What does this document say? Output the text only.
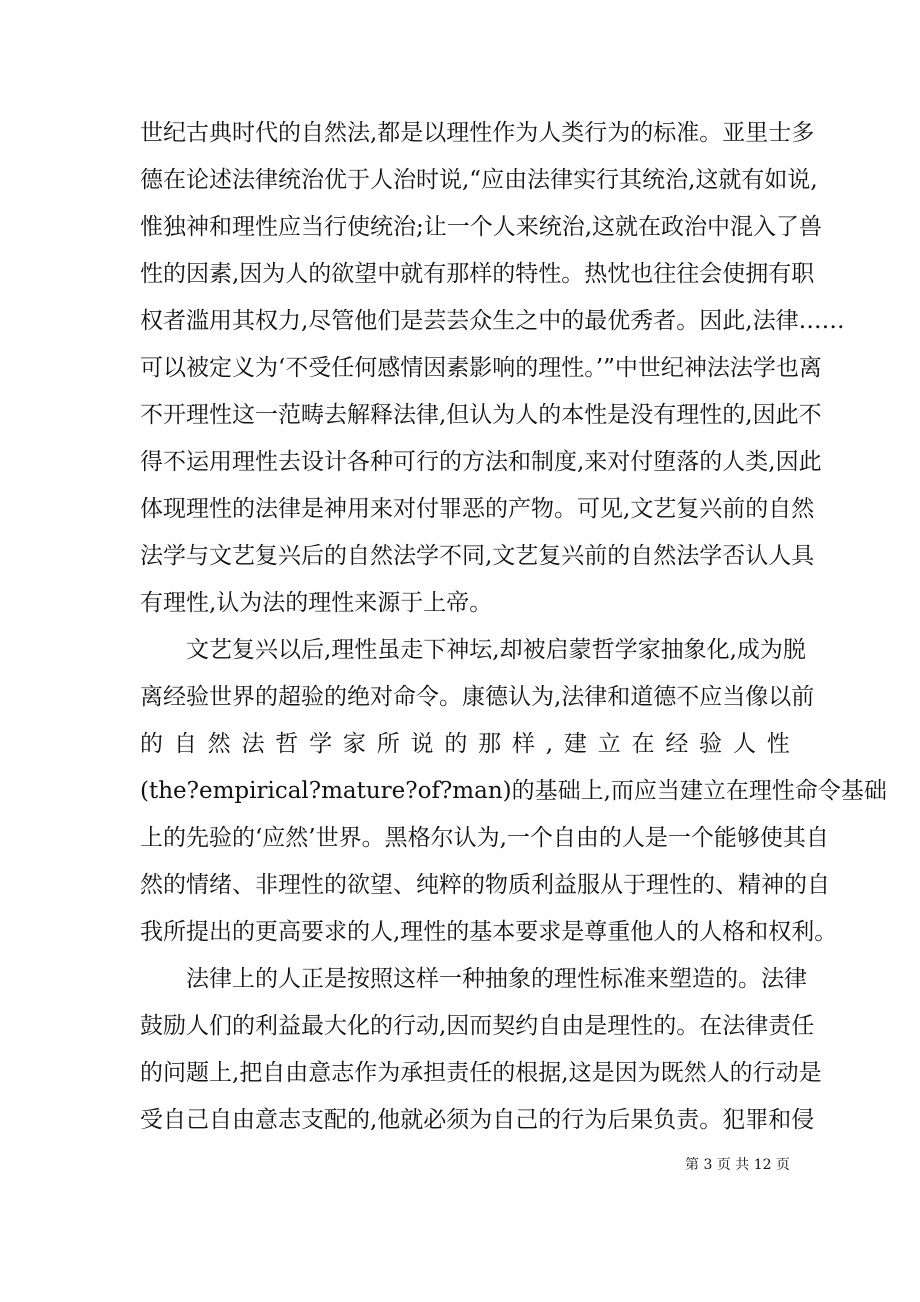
世纪古典时代的自然法,都是以理性作为人类行为的标准。亚里士多
德在论述法律统治优于人治时说,“应由法律实行其统治,这就有如说,
惟独神和理性应当行使统治;让一个人来统治,这就在政治中混入了兽
性的因素,因为人的欲望中就有那样的特性。热忱也往往会使拥有职
权者滥用其权力,尽管他们是芸芸众生之中的最优秀者。因此,法律……
可以被定义为‘不受任何感情因素影响的理性。’”中世纪神法法学也离
不开理性这一范畴去解释法律,但认为人的本性是没有理性的,因此不
得不运用理性去设计各种可行的方法和制度,来对付堕落的人类,因此
体现理性的法律是神用来对付罪恶的产物。可见,文艺复兴前的自然
法学与文艺复兴后的自然法学不同,文艺复兴前的自然法学否认人具
有理性,认为法的理性来源于上帝。
文艺复兴以后,理性虽走下神坛,却被启蒙哲学家抽象化,成为脱
离经验世界的超验的绝对命令。康德认为,法律和道德不应当像以前
的 自 然 法 哲 学 家 所 说 的 那 样 , 建 立 在 经 验 人 性
(the?empirical?mature?of?man)的基础上,而应当建立在理性命令基础
上的先验的‘应然’世界。黑格尔认为,一个自由的人是一个能够使其自
然的情绪、非理性的欲望、纯粹的物质利益服从于理性的、精神的自
我所提出的更高要求的人,理性的基本要求是尊重他人的人格和权利。
法律上的人正是按照这样一种抽象的理性标准来塑造的。法律
鼓励人们的利益最大化的行动,因而契约自由是理性的。在法律责任
的问题上,把自由意志作为承担责任的根据,这是因为既然人的行动是
受自己自由意志支配的,他就必须为自己的行为后果负责。犯罪和侵
第 3 页 共 12 页
